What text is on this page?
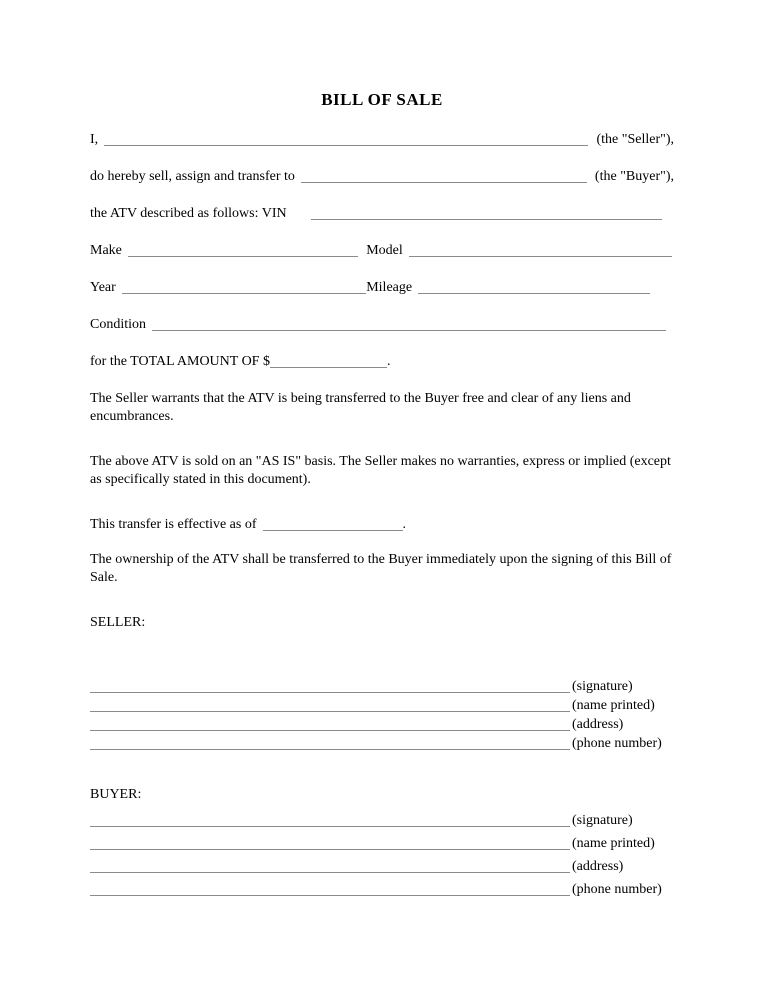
BILL OF SALE
I,	(the "Seller"),
do hereby sell, assign and transfer to	(the "Buyer"),
the ATV described as follows: VIN
Make	Model
Year	Mileage
Condition
for the TOTAL AMOUNT OF $	.

The Seller warrants that the ATV is being transferred to the Buyer free and clear of any liens and encumbrances.

The above ATV is sold on an "AS IS" basis. The Seller makes no warranties, express or implied (except as specifically stated in this document).

This transfer is effective as of	.

The ownership of the ATV shall be transferred to the Buyer immediately upon the signing of this Bill of Sale.

SELLER:
(signature)
(name printed)
(address)
(phone number)
BUYER:
(signature)
(name printed)
(address)
(phone number)
